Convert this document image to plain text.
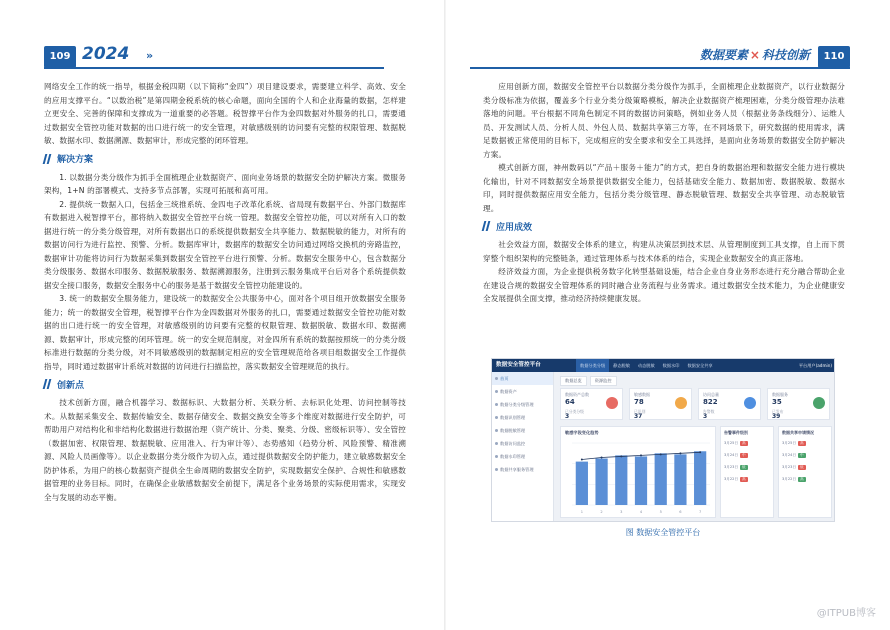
109 2024 »

网络安全工作的统一指导，根据金税四期（以下简称“金四”）项目建设要求，需要建立科学、高效、安全的应用支撑平台。“以数治税”是第四期金税系统的核心命题，面向全国的个人和企业海量的数据，怎样建立更安全、完善的保障和支撑成为一道重要的必答题。税智撑平台作为金四数据对外服务的扎口，需要通过数据安全管控功能对数据的出口进行统一的安全管理，对敏感级别的访问要有完整的权限管理、数据脱敏、数据水印、数据溯源、数据审计，形成完整的闭环管理。

解决方案

1. 以数据分类分级作为抓手全面梳理企业数据资产、面向业务场景的数据安全防护解决方案。微服务架构，1+N 的部署模式、支持多节点部署，实现可拓展和高可用。

2. 提供统一数据入口，包括金三统推系统、金四电子改革化系统、省局现有数据平台、外部门数据库有数据进入税智撑平台，都将纳入数据安全管控平台统一管理。数据安全管控功能，可以对所有入口的数据进行统一的分类分级管理，对所有数据出口的系统提供数据安全共享能力、数据脱敏的能力，对所有的数据访问行为进行监控、预警、分析。数据库审计，数据库的数据安全访问通过网络交换机的旁路监控，数据审计功能将访问行为数据采集到数据安全管控平台进行预警、分析。数据安全服务中心，包含数据分类分级服务、数据水印服务、数据脱敏服务、数据溯源服务，注册到云服务集成平台后对各个系统提供数据安全接口服务，数据安全服务中心的服务是基于数据安全管控功能建设的。

3. 统一的数据安全服务能力，建设统一的数据安全公共服务中心，面对各个项目组开放数据安全服务能力；统一的数据安全管理，税智撑平台作为金四数据对外服务的扎口，需要通过数据安全管控功能对数据的出口进行统一的安全管理，对敏感级别的访问要有完整的权限管理、数据脱敏、数据水印、数据溯源、数据审计，形成完整的闭环管理。统一的安全规范制度，对金四所有系统的数据按照统一的分类分级标准进行数据的分类分级，对不同敏感级别的数据制定相应的安全管理规范给各项目组数据安全工作提供指导，同时通过数据审计系统对数据的访问进行扫描监控，落实数据安全管理规范的执行。

创新点

技术创新方面，融合机器学习、数据标识、大数据分析、关联分析、去标识化处理、访问控制等技术。从数据采集安全、数据传输安全、数据存储安全、数据交换安全等多个维度对数据进行安全防护，可帮助用户对结构化和非结构化数据进行数据治理（资产统计、分类、聚类、分级、密级标识等）、安全管控（数据加密、权限管理、数据脱敏、应用准入、行为审计等）、态势感知（趋势分析、风险预警、精准溯源、风险人员画像等）。以企业数据分类分级作为切入点，通过提供数据安全防护能力，建立敏感数据安全防护体系，为用户的核心数据资产提供全生命周期的数据安全防护，实现数据安全保护、合规性和敏感数据管理的业务目标。同时，在确保企业敏感数据安全前提下，满足各个业务场景的实际使用需求，实现安全与发展的动态平衡。

数据要素 × 科技创新	110

应用创新方面，数据安全管控平台以数据分类分级作为抓手，全面梳理企业数据资产，以行业数据分类分级标准为依据，覆盖多个行业分类分级策略模板，解决企业数据资产梳理困难，分类分级管理办法难落地的问题。平台根据不同角色制定不同的数据访问策略，例如业务人员（根据业务条线细分）、运维人员、开发测试人员、分析人员、外包人员、数据共享第三方等，在不同场景下，研究数据的使用需求，满足数据被正常使用的目标下，完成相应的安全要求和安全工具选择，是面向业务场景的数据安全防护解决方案。

模式创新方面，神州数码以“产品＋服务＋能力”的方式，把自身的数据治理和数据安全能力进行模块化输出，针对不同数据安全场景提供数据安全能力，包括基础安全能力、数据加密、数据脱敏、数据水印，同时提供数据应用安全能力，包括分类分级管理、静态脱敏管理、数据安全共享管理、动态脱敏管理。

应用成效

社会效益方面，数据安全体系的建立，构建从决策层到技术层、从管理制度到工具支撑，自上而下贯穿整个组织架构的完整链条，通过管理体系与技术体系的结合，实现企业数据安全的真正落地。

经济效益方面，为企业提供税务数字化转型基础设施，结合企业自身业务形态进行充分融合帮助企业在建设合规的数据安全管理体系的同时融合业务流程与业务需求。通过数据安全技术能力，为企业健康安全发展提供全面支撑，推动经济持续健康发展。

数据安全管控平台	数据分类分级	静态脱敏	动态脱敏	数据水印	数据安全共享	平台用户(admin)
首页
数据资产
数据分类分级管理
数据识别管理
数据脱敏管理
数据访问监控
数据水印管理
数据共享服务管理
数据总览	资源监控
数据资产总数
64
已分类分级
3
敏感数据
78
已识别
37
访问总量
822
告警数
3
数据服务
35
已发布
39
敏感字段变化趋势
1	2	3	4	5	6	7
告警事件级别
3月25日 高
3月24日 中
3月23日 低
3月22日 高
数据共享申请情况
3月25日 高
3月24日 中
3月23日 低
3月22日 高
图 数据安全管控平台
@ITPUB博客
